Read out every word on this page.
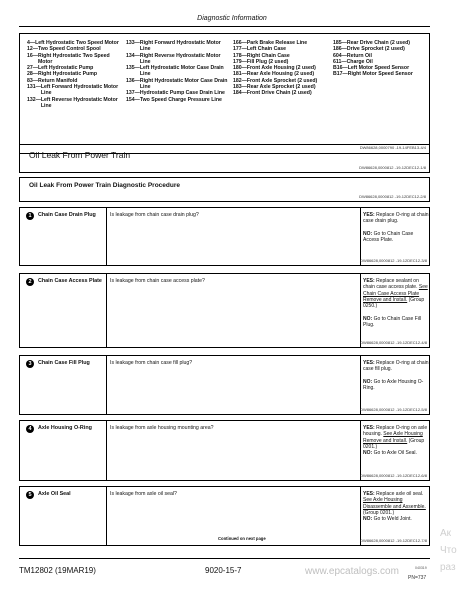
Diagnostic Information
4— Left Hydrostatic Two Speed Motor
12— Two Speed Control Spool
16— Right Hydrostatic Two Speed Motor
27— Left Hydrostatic Pump
28— Right Hydrostatic Pump
83— Return Manifold
131— Left Forward Hydrostatic Motor Line
132— Left Reverse Hydrostatic Motor Line
133— Right Forward Hydrostatic Motor Line
134— Right Reverse Hydrostatic Motor Line
135— Left Hydrostatic Motor Case Drain Line
136— Right Hydrostatic Motor Case Drain Line
137— Hydrostatic Pump Case Drain Line
154— Two Speed Charge Pressure Line
166— Park Brake Release Line
177— Left Chain Case
178— Right Chain Case
179— Fill Plug (2 used)
180— Front Axle Housing (2 used)
181— Rear Axle Housing (2 used)
182— Front Axle Sprocket (2 used)
183— Rear Axle Sprocket (2 used)
184— Front Drive Chain (2 used)
185— Rear Drive Chain (2 used)
186— Drive Sprocket (2 used)
604— Return Oil
611— Charge Oil
B16— Left Motor Speed Sensor
B17— Right Motor Speed Sensor
DW86628,0000790 -19-14FEB13-4/4
Oil Leak From Power Train
DW86628,0000812 -19-12DEC12-1/8
Oil Leak From Power Train Diagnostic Procedure
DW86628,0000812 -19-12DEC12-2/8
1	Chain Case Drain Plug	Is leakage from chain case drain plug?	YES: Replace O-ring at chain case drain plug.

NO: Go to Chain Case Access Plate.
DW86628,0000812 -19-12DEC12-3/8
2	Chain Case Access Plate	Is leakage from chain case access plate?	YES: Replace sealant on chain case access plate. See Chain Case Access Plate Remove and Install. (Group 0250.)

NO: Go to Chain Case Fill Plug.
DW86628,0000812 -19-12DEC12-4/8
3	Chain Case Fill Plug	Is leakage from chain case fill plug?	YES: Replace O-ring at chain case fill plug.

NO: Go to Axle Housing O-Ring.
DW86628,0000812 -19-12DEC12-5/8
4	Axle Housing O-Ring	Is leakage from axle housing mounting area?	YES: Replace O-ring on axle housing. See Axle Housing Remove and Install. (Group 0201.)
NO: Go to Axle Oil Seal.
DW86628,0000812 -19-12DEC12-6/8
5	Axle Oil Seal	Is leakage from axle oil seal?	YES: Replace axle oil seal. See Axle Housing Disassemble and Assemble. (Group 0201.)
NO: Go to Weld Joint.
DW86628,0000812 -19-12DEC12-7/8
Continued on next page
TM12802 (19MAR19)	9020-15-7	040319
PN=737
www.epcatalogs.com
Ак
Что
раз
